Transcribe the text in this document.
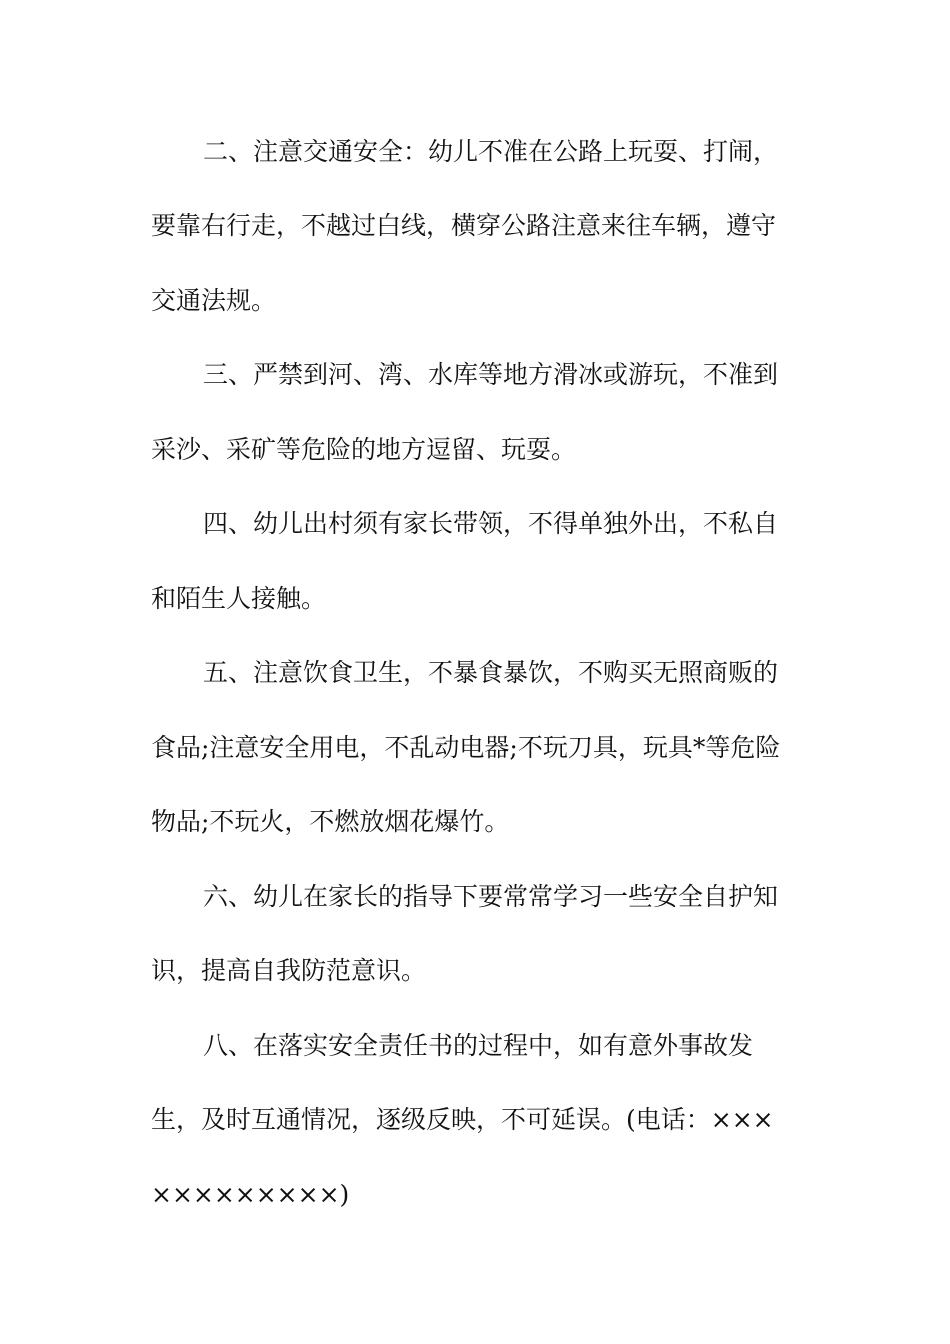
二、注意交通安全：幼儿不准在公路上玩耍、打闹，

要靠右行走，不越过白线，横穿公路注意来往车辆，遵守

交通法规。

三、严禁到河、湾、水库等地方滑冰或游玩，不准到

采沙、采矿等危险的地方逗留、玩耍。

四、幼儿出村须有家长带领，不得单独外出，不私自

和陌生人接触。

五、注意饮食卫生，不暴食暴饮，不购买无照商贩的

食品;注意安全用电，不乱动电器;不玩刀具，玩具*等危险

物品;不玩火，不燃放烟花爆竹。

六、幼儿在家长的指导下要常常学习一些安全自护知

识，提高自我防范意识。

八、在落实安全责任书的过程中，如有意外事故发

生，及时互通情况，逐级反映，不可延误。(电话：×××

×××××××××)
